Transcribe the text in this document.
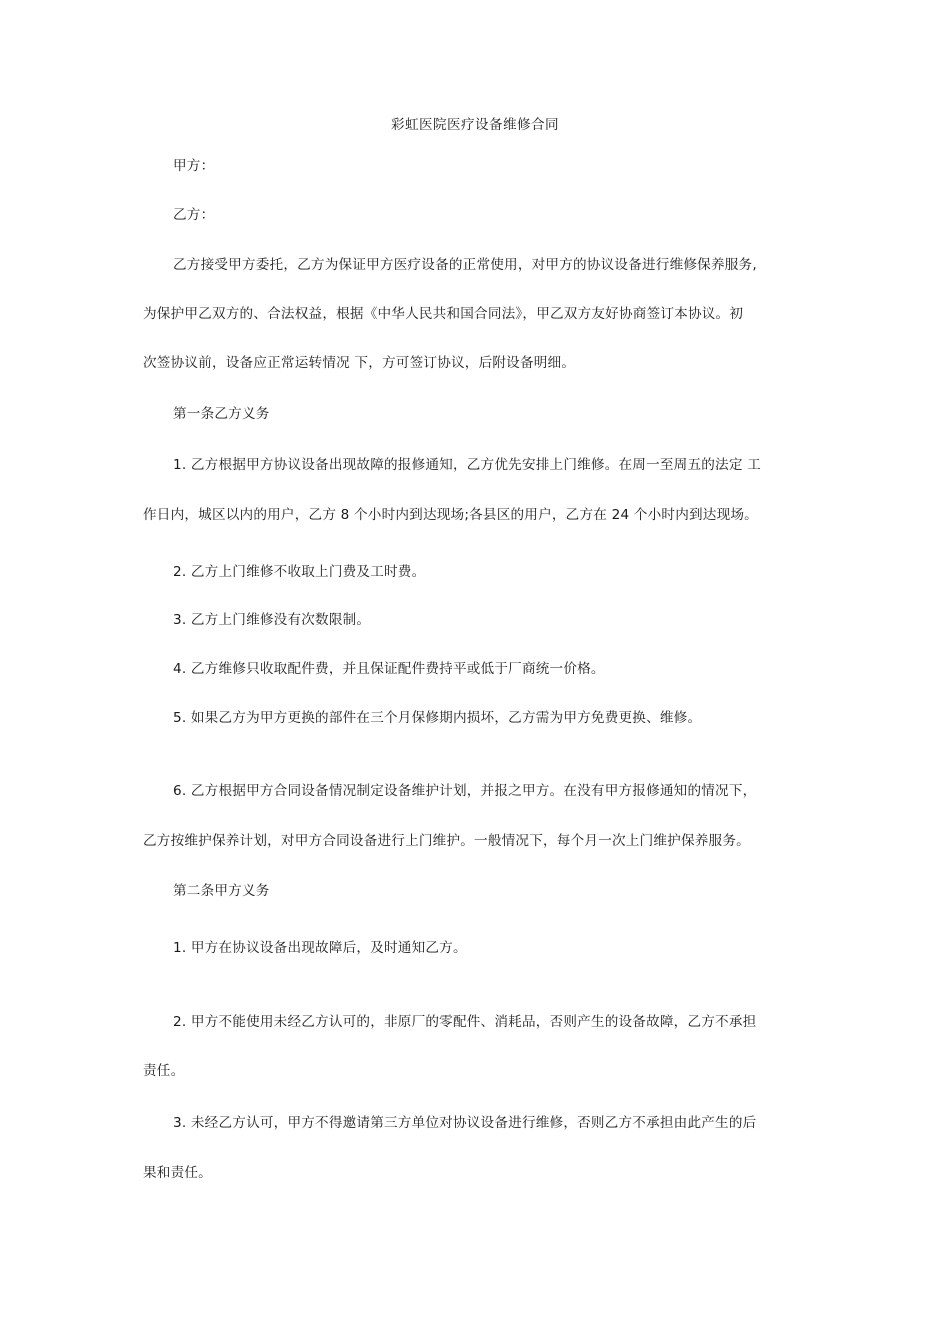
彩虹医院医疗设备维修合同
甲方：
乙方：
乙方接受甲方委托，乙方为保证甲方医疗设备的正常使用，对甲方的协议设备进行维修保养服务,
为保护甲乙双方的、合法权益，根据《中华人民共和国合同法》，甲乙双方友好协商签订本协议。初
次签协议前，设备应正常运转情况 下，方可签订协议，后附设备明细。
第一条乙方义务
1. 乙方根据甲方协议设备出现故障的报修通知，乙方优先安排上门维修。在周一至周五的法定 工
作日内，城区以内的用户，乙方 8 个小时内到达现场;各县区的用户，乙方在 24 个小时内到达现场。
2. 乙方上门维修不收取上门费及工时费。
3. 乙方上门维修没有次数限制。
4. 乙方维修只收取配件费，并且保证配件费持平或低于厂商统一价格。
5. 如果乙方为甲方更换的部件在三个月保修期内损坏，乙方需为甲方免费更换、维修。
6. 乙方根据甲方合同设备情况制定设备维护计划，并报之甲方。在没有甲方报修通知的情况下，
乙方按维护保养计划，对甲方合同设备进行上门维护。一般情况下，每个月一次上门维护保养服务。
第二条甲方义务
1. 甲方在协议设备出现故障后，及时通知乙方。
2. 甲方不能使用未经乙方认可的，非原厂的零配件、消耗品，否则产生的设备故障，乙方不承担
责任。
3. 未经乙方认可，甲方不得邀请第三方单位对协议设备进行维修，否则乙方不承担由此产生的后
果和责任。
